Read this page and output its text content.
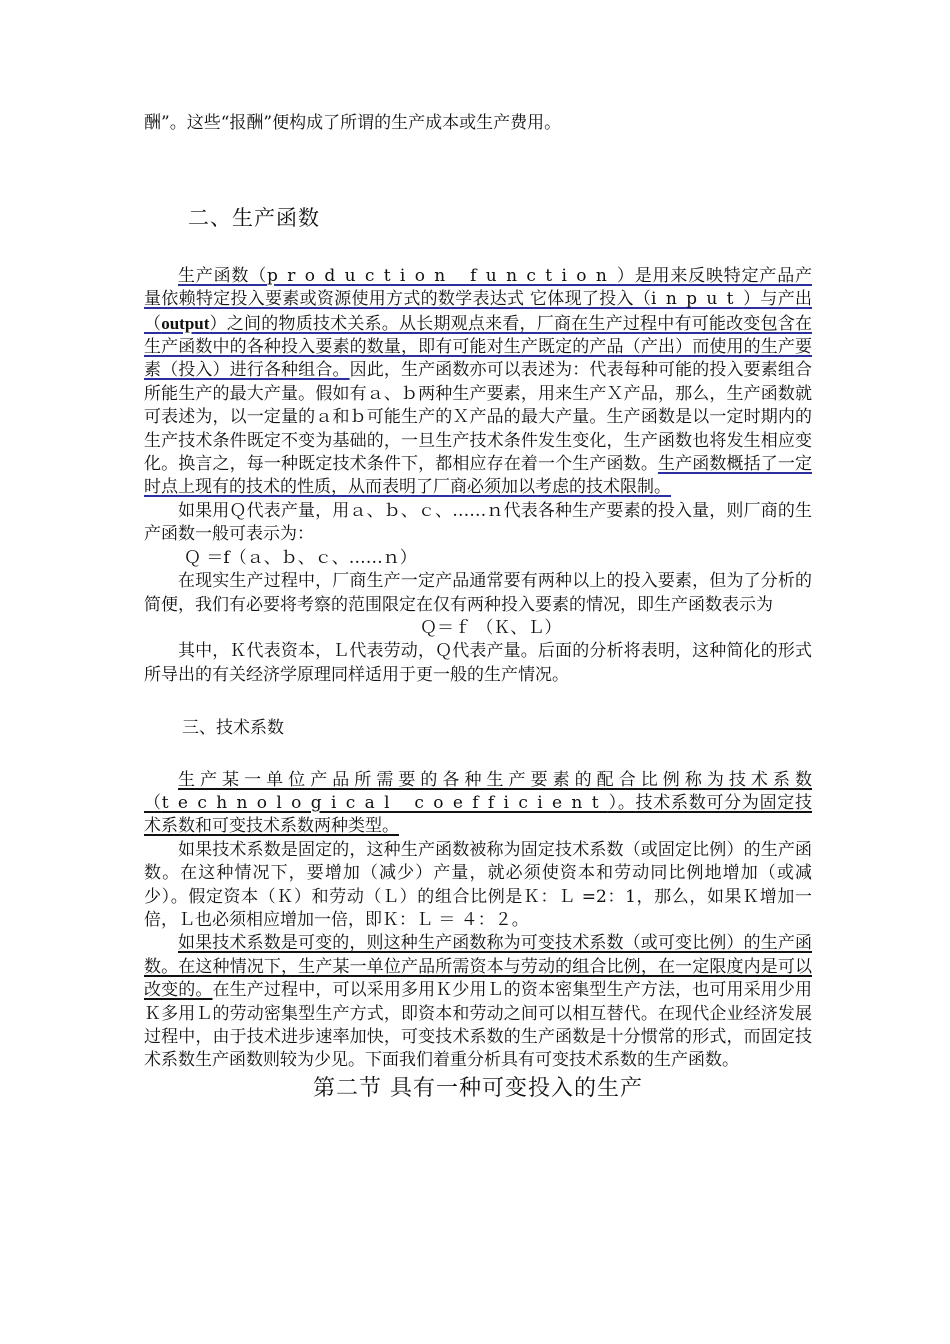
酬”。这些“报酬”便构成了所谓的生产成本或生产费用。

二、生产函数

生产函数（production function）是用来反映特定产品产量依赖特定投入要素或资源使用方式的数学表达式 它体现了投入（input）与产出（output）之间的物质技术关系。从长期观点来看，厂商在生产过程中有可能改变包含在生产函数中的各种投入要素的数量，即有可能对生产既定的产品（产出）而使用的生产要素（投入）进行各种组合。因此，生产函数亦可以表述为：代表每种可能的投入要素组合所能生产的最大产量。假如有ａ、ｂ两种生产要素，用来生产Ｘ产品，那么，生产函数就可表述为，以一定量的ａ和ｂ可能生产的Ｘ产品的最大产量。生产函数是以一定时期内的生产技术条件既定不变为基础的，一旦生产技术条件发生变化，生产函数也将发生相应变化。换言之，每一种既定技术条件下，都相应存在着一个生产函数。生产函数概括了一定时点上现有的技术的性质，从而表明了厂商必须加以考虑的技术限制。

如果用Ｑ代表产量，用ａ、ｂ、ｃ、……ｎ代表各种生产要素的投入量，则厂商的生产函数一般可表示为：

Ｑ ＝f（ａ、ｂ、ｃ、……ｎ）

在现实生产过程中，厂商生产一定产品通常要有两种以上的投入要素，但为了分析的简便，我们有必要将考察的范围限定在仅有两种投入要素的情况，即生产函数表示为

Ｑ＝ｆ （Ｋ、Ｌ）

其中，Ｋ代表资本，Ｌ代表劳动，Ｑ代表产量。后面的分析将表明，这种简化的形式所导出的有关经济学原理同样适用于更一般的生产情况。

三、技术系数

生产某一单位产品所需要的各种生产要素的配合比例称为技术系数（technological coefficient）。技术系数可分为固定技术系数和可变技术系数两种类型。

如果技术系数是固定的，这种生产函数被称为固定技术系数（或固定比例）的生产函数。在这种情况下，要增加（减少）产量，就必须使资本和劳动同比例地增加（或减少）。假定资本（Ｋ）和劳动（Ｌ）的组合比例是Ｋ：Ｌ =2：1，那么，如果Ｋ增加一倍，Ｌ也必须相应增加一倍，即Ｋ：Ｌ ＝ ４：２。

如果技术系数是可变的，则这种生产函数称为可变技术系数（或可变比例）的生产函数。在这种情况下，生产某一单位产品所需资本与劳动的组合比例，在一定限度内是可以改变的。在生产过程中，可以采用多用Ｋ少用Ｌ的资本密集型生产方法，也可用采用少用Ｋ多用Ｌ的劳动密集型生产方式，即资本和劳动之间可以相互替代。在现代企业经济发展过程中，由于技术进步速率加快，可变技术系数的生产函数是十分惯常的形式，而固定技术系数生产函数则较为少见。下面我们着重分析具有可变技术系数的生产函数。

第二节 具有一种可变投入的生产
